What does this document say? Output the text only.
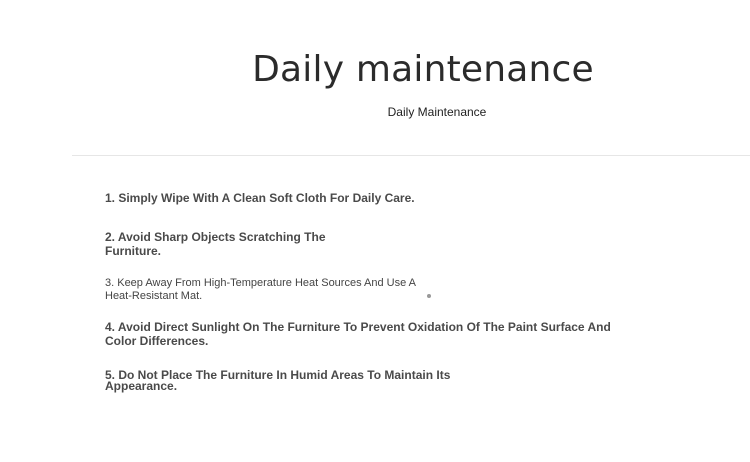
Daily maintenance
Daily Maintenance

1. Simply Wipe With A Clean Soft Cloth For Daily Care.

2. Avoid Sharp Objects Scratching The Furniture.

3. Keep Away From High-Temperature Heat Sources And Use A Heat-Resistant Mat.

4. Avoid Direct Sunlight On The Furniture To Prevent Oxidation Of The Paint Surface And Color Differences.

5. Do Not Place The Furniture In Humid Areas To Maintain Its Appearance.
